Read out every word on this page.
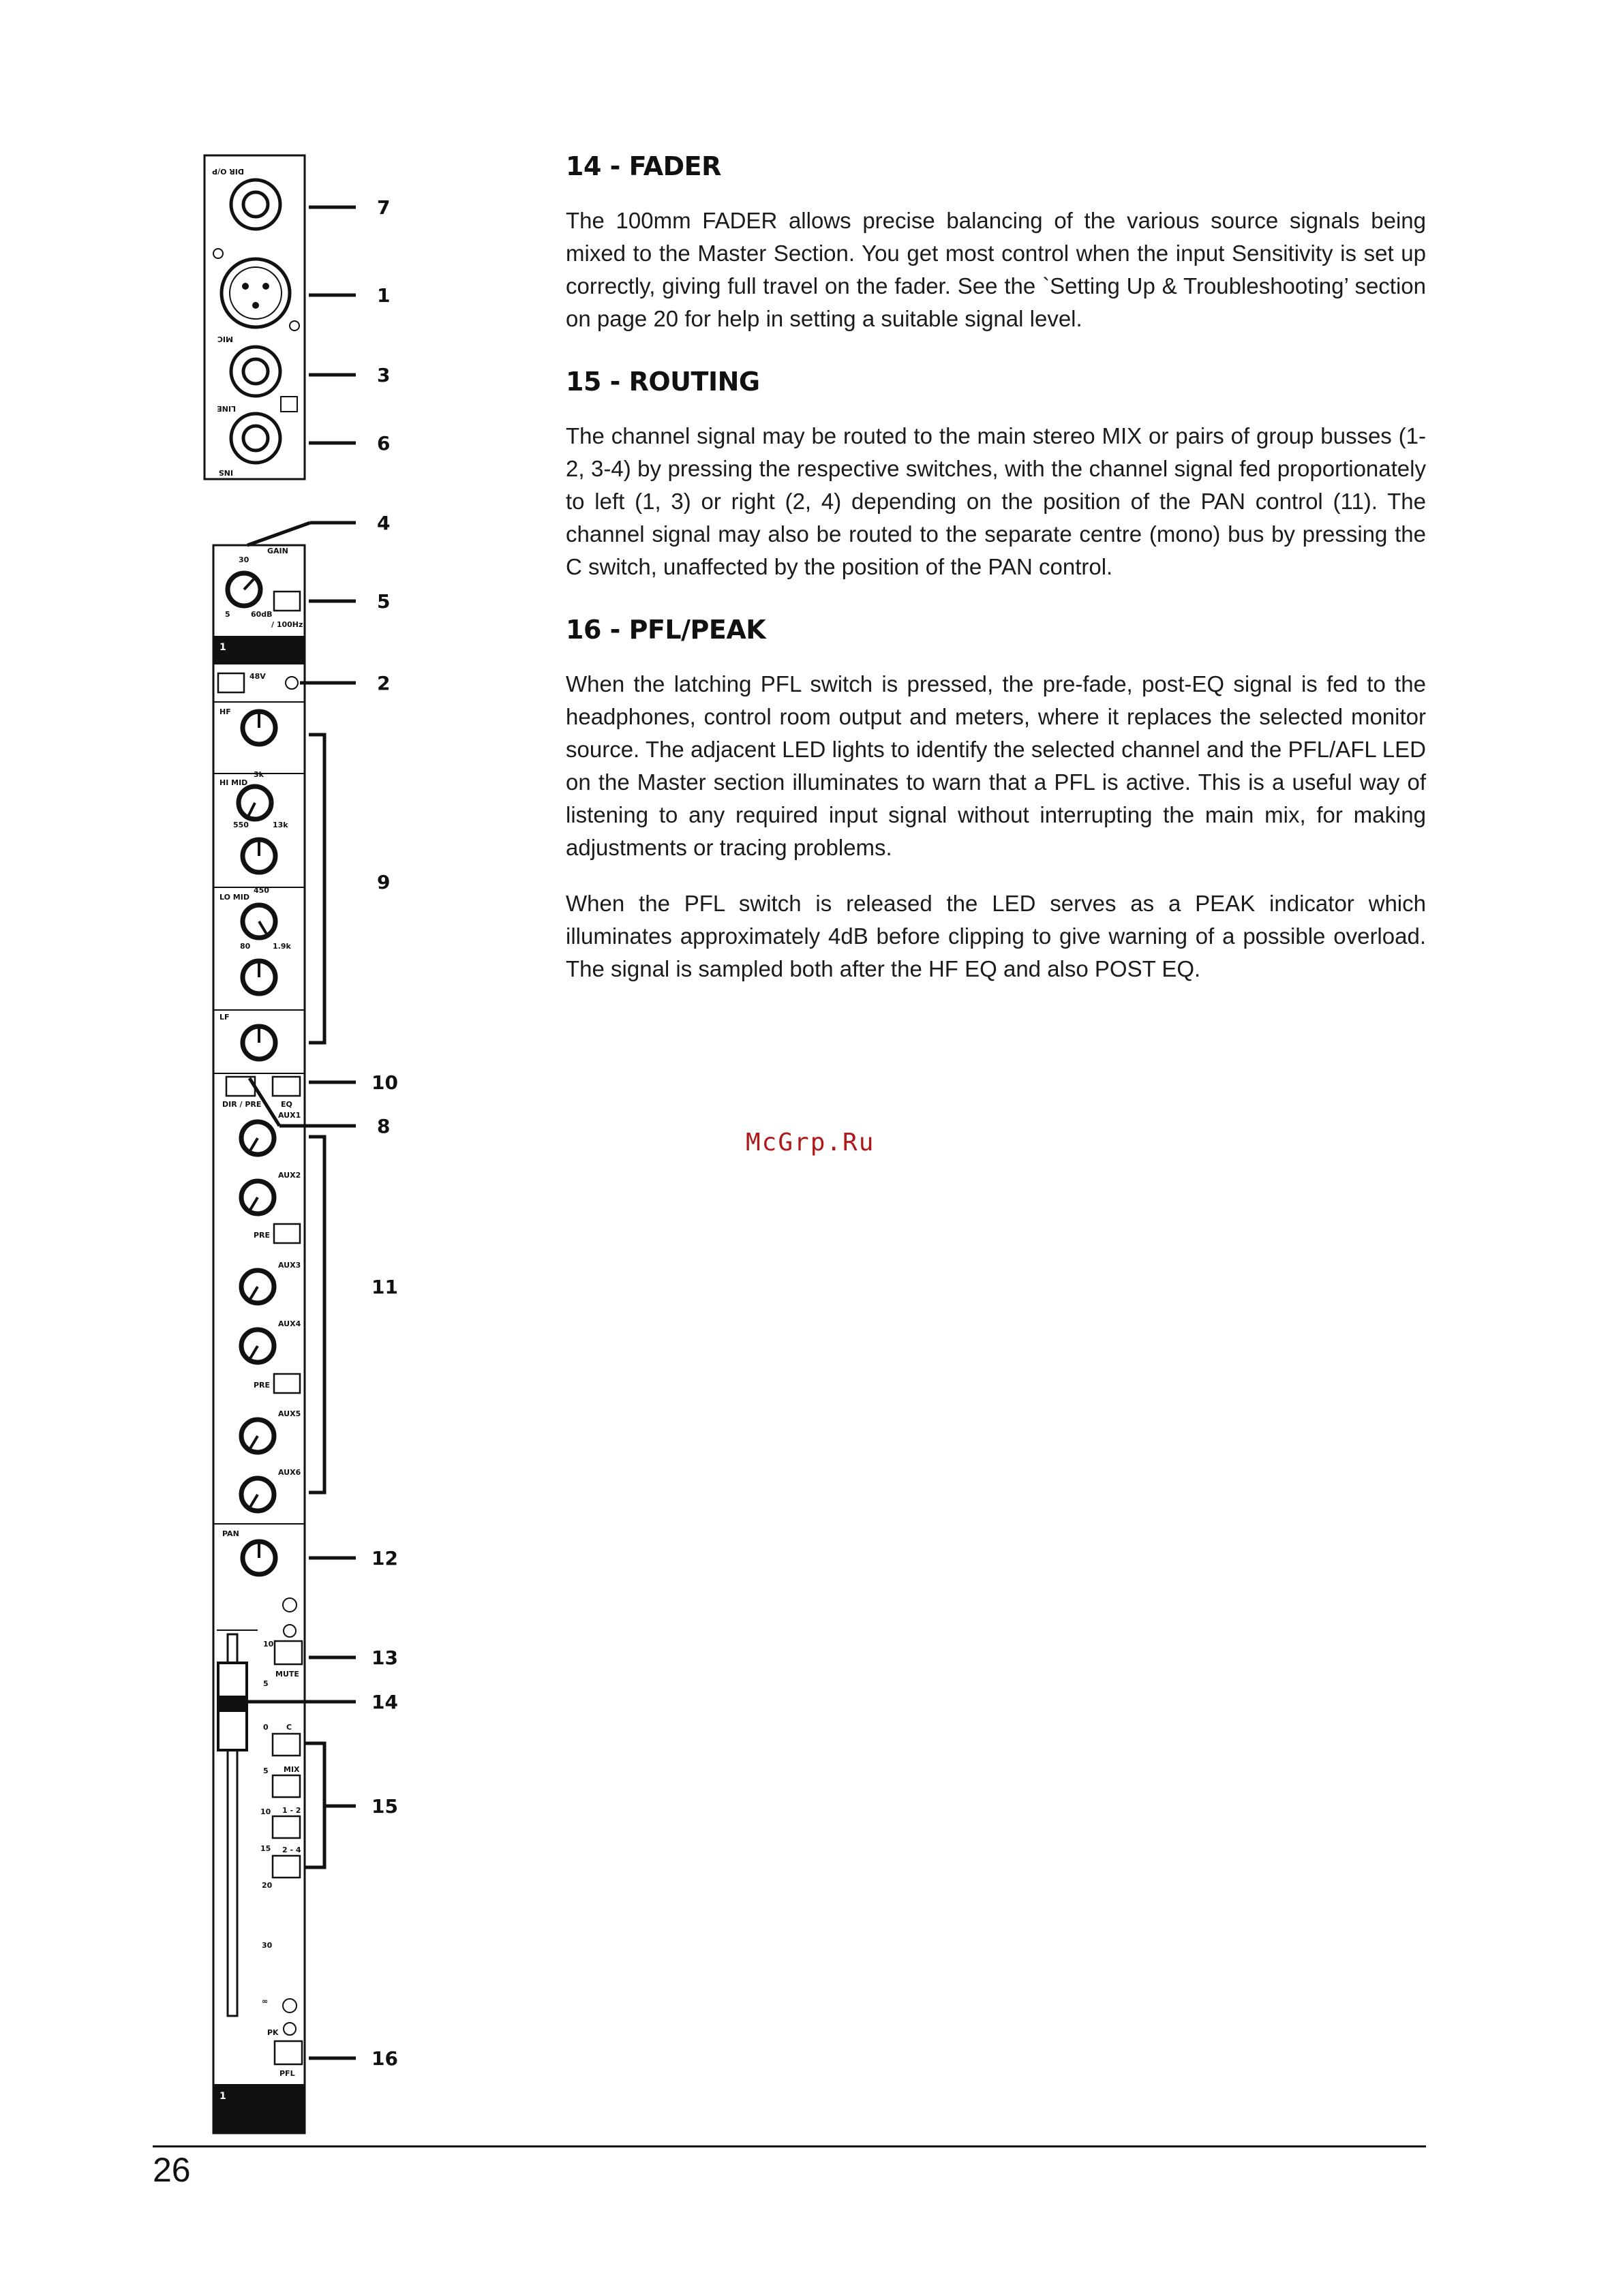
DIR O/P
MIC
LINE
INS
30
GAIN
5	60dB
/ 100Hz
1
48V
HF
HI MID
3k
550	13k
LO MID
450
80	1.9k
LF
DIR / PRE	EQ
AUX1
AUX2
PRE
AUX3
AUX4
PRE
AUX5
AUX6
PAN
MUTE
10
5
0
5
10
15
20
30
∞
C
MIX
1 - 2
2 - 4
PK
PFL
1
7
1
3
6
4
5
2
9
10
8
11
12
13
14
15
16
14 - FADER

The 100mm FADER allows precise balancing of the various source signals being mixed to the Master Section. You get most control when the input Sensitivity is set up correctly, giving full travel on the fader. See the `Setting Up & Troubleshooting’ section on page 20 for help in setting a suitable signal level.

15 - ROUTING

The channel signal may be routed to the main stereo MIX or pairs of group busses (1-2, 3-4) by pressing the respective switches, with the channel signal fed proportionately to left (1, 3) or right (2, 4) depending on the position of the PAN control (11). The channel signal may also be routed to the separate centre (mono) bus by pressing the C switch, unaffected by the position of the PAN control.

16 - PFL/PEAK

When the latching PFL switch is pressed, the pre-fade, post-EQ signal is fed to the headphones, control room output and meters, where it replaces the selected monitor source. The adjacent LED lights to identify the selected channel and the PFL/AFL LED on the Master section illuminates to warn that a PFL is active. This is a useful way of listening to any required input signal without interrupting the main mix, for making adjustments or tracing problems.

When the PFL switch is released the LED serves as a PEAK indicator which illuminates approximately 4dB before clipping to give warning of a possible overload. The signal is sampled both after the HF EQ and also POST EQ.

McGrp.Ru
26
